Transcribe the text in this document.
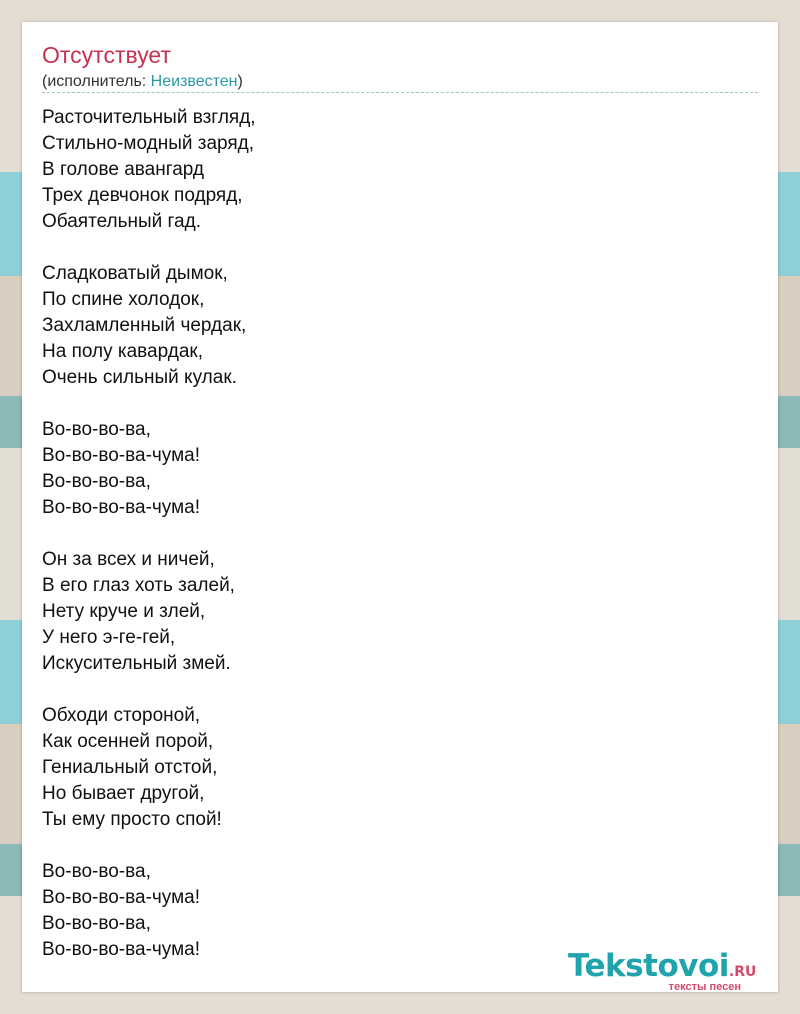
Отсутствует
(исполнитель: Неизвестен)
Расточительный взгляд,
Стильно-модный заряд,
В голове авангард
Трех девчонок подряд,
Обаятельный гад.
Сладковатый дымок,
По спине холодок,
Захламленный чердак,
На полу кавардак,
Очень сильный кулак.
Во-во-во-ва,
Во-во-во-ва-чума!
Во-во-во-ва,
Во-во-во-ва-чума!
Он за всех и ничей,
В его глаз хоть залей,
Нету круче и злей,
У него э-ге-гей,
Искусительный змей.
Обходи стороной,
Как осенней порой,
Гениальный отстой,
Но бывает другой,
Ты ему просто спой!
Во-во-во-ва,
Во-во-во-ва-чума!
Во-во-во-ва,
Во-во-во-ва-чума!	Tekstovoi.RU
тексты песен
